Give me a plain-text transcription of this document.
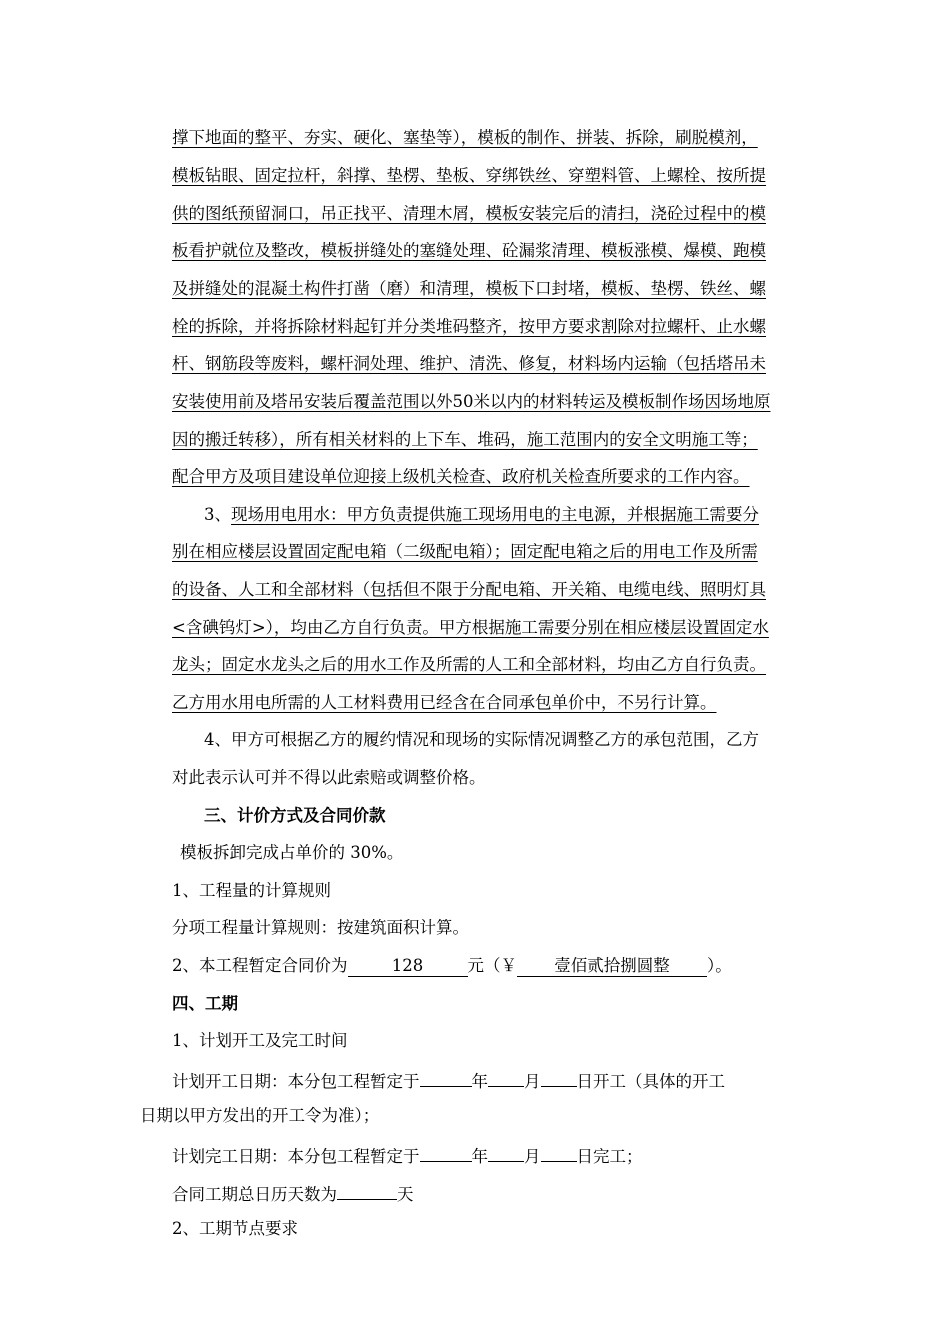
撑下地面的整平、夯实、硬化、塞垫等），模板的制作、拼装、拆除，刷脱模剂，
模板钻眼、固定拉杆，斜撑、垫楞、垫板、穿绑铁丝、穿塑料管、上螺栓、按所提
供的图纸预留洞口，吊正找平、清理木屑，模板安装完后的清扫，浇砼过程中的模
板看护就位及整改，模板拼缝处的塞缝处理、砼漏浆清理、模板涨模、爆模、跑模
及拼缝处的混凝土构件打凿（磨）和清理，模板下口封堵，模板、垫楞、铁丝、螺
栓的拆除，并将拆除材料起钉并分类堆码整齐，按甲方要求割除对拉螺杆、止水螺
杆、钢筋段等废料，螺杆洞处理、维护、清洗、修复，材料场内运输（包括塔吊未
安装使用前及塔吊安装后覆盖范围以外50米以内的材料转运及模板制作场因场地原
因的搬迁转移），所有相关材料的上下车、堆码，施工范围内的安全文明施工等；
配合甲方及项目建设单位迎接上级机关检查、政府机关检查所要求的工作内容。
3、现场用电用水：甲方负责提供施工现场用电的主电源，并根据施工需要分
别在相应楼层设置固定配电箱（二级配电箱）；固定配电箱之后的用电工作及所需
的设备、人工和全部材料（包括但不限于分配电箱、开关箱、电缆电线、照明灯具
<含碘钨灯>），均由乙方自行负责。甲方根据施工需要分别在相应楼层设置固定水
龙头；固定水龙头之后的用水工作及所需的人工和全部材料，均由乙方自行负责。
乙方用水用电所需的人工材料费用已经含在合同承包单价中，不另行计算。
4、甲方可根据乙方的履约情况和现场的实际情况调整乙方的承包范围，乙方
对此表示认可并不得以此索赔或调整价格。
三、计价方式及合同价款
模板拆卸完成占单价的 30%。
1、工程量的计算规则
分项工程量计算规则：按建筑面积计算。
2、本工程暂定合同价为	128	元（￥ 壹佰贰拾捌圆整 ）。
四、工期
1、计划开工及完工时间
计划开工日期：本分包工程暂定于	年 月 日开工（具体的开工
日期以甲方发出的开工令为准）；
计划完工日期：本分包工程暂定于	年 月 日完工；
合同工期总日历天数为	天
2、工期节点要求
